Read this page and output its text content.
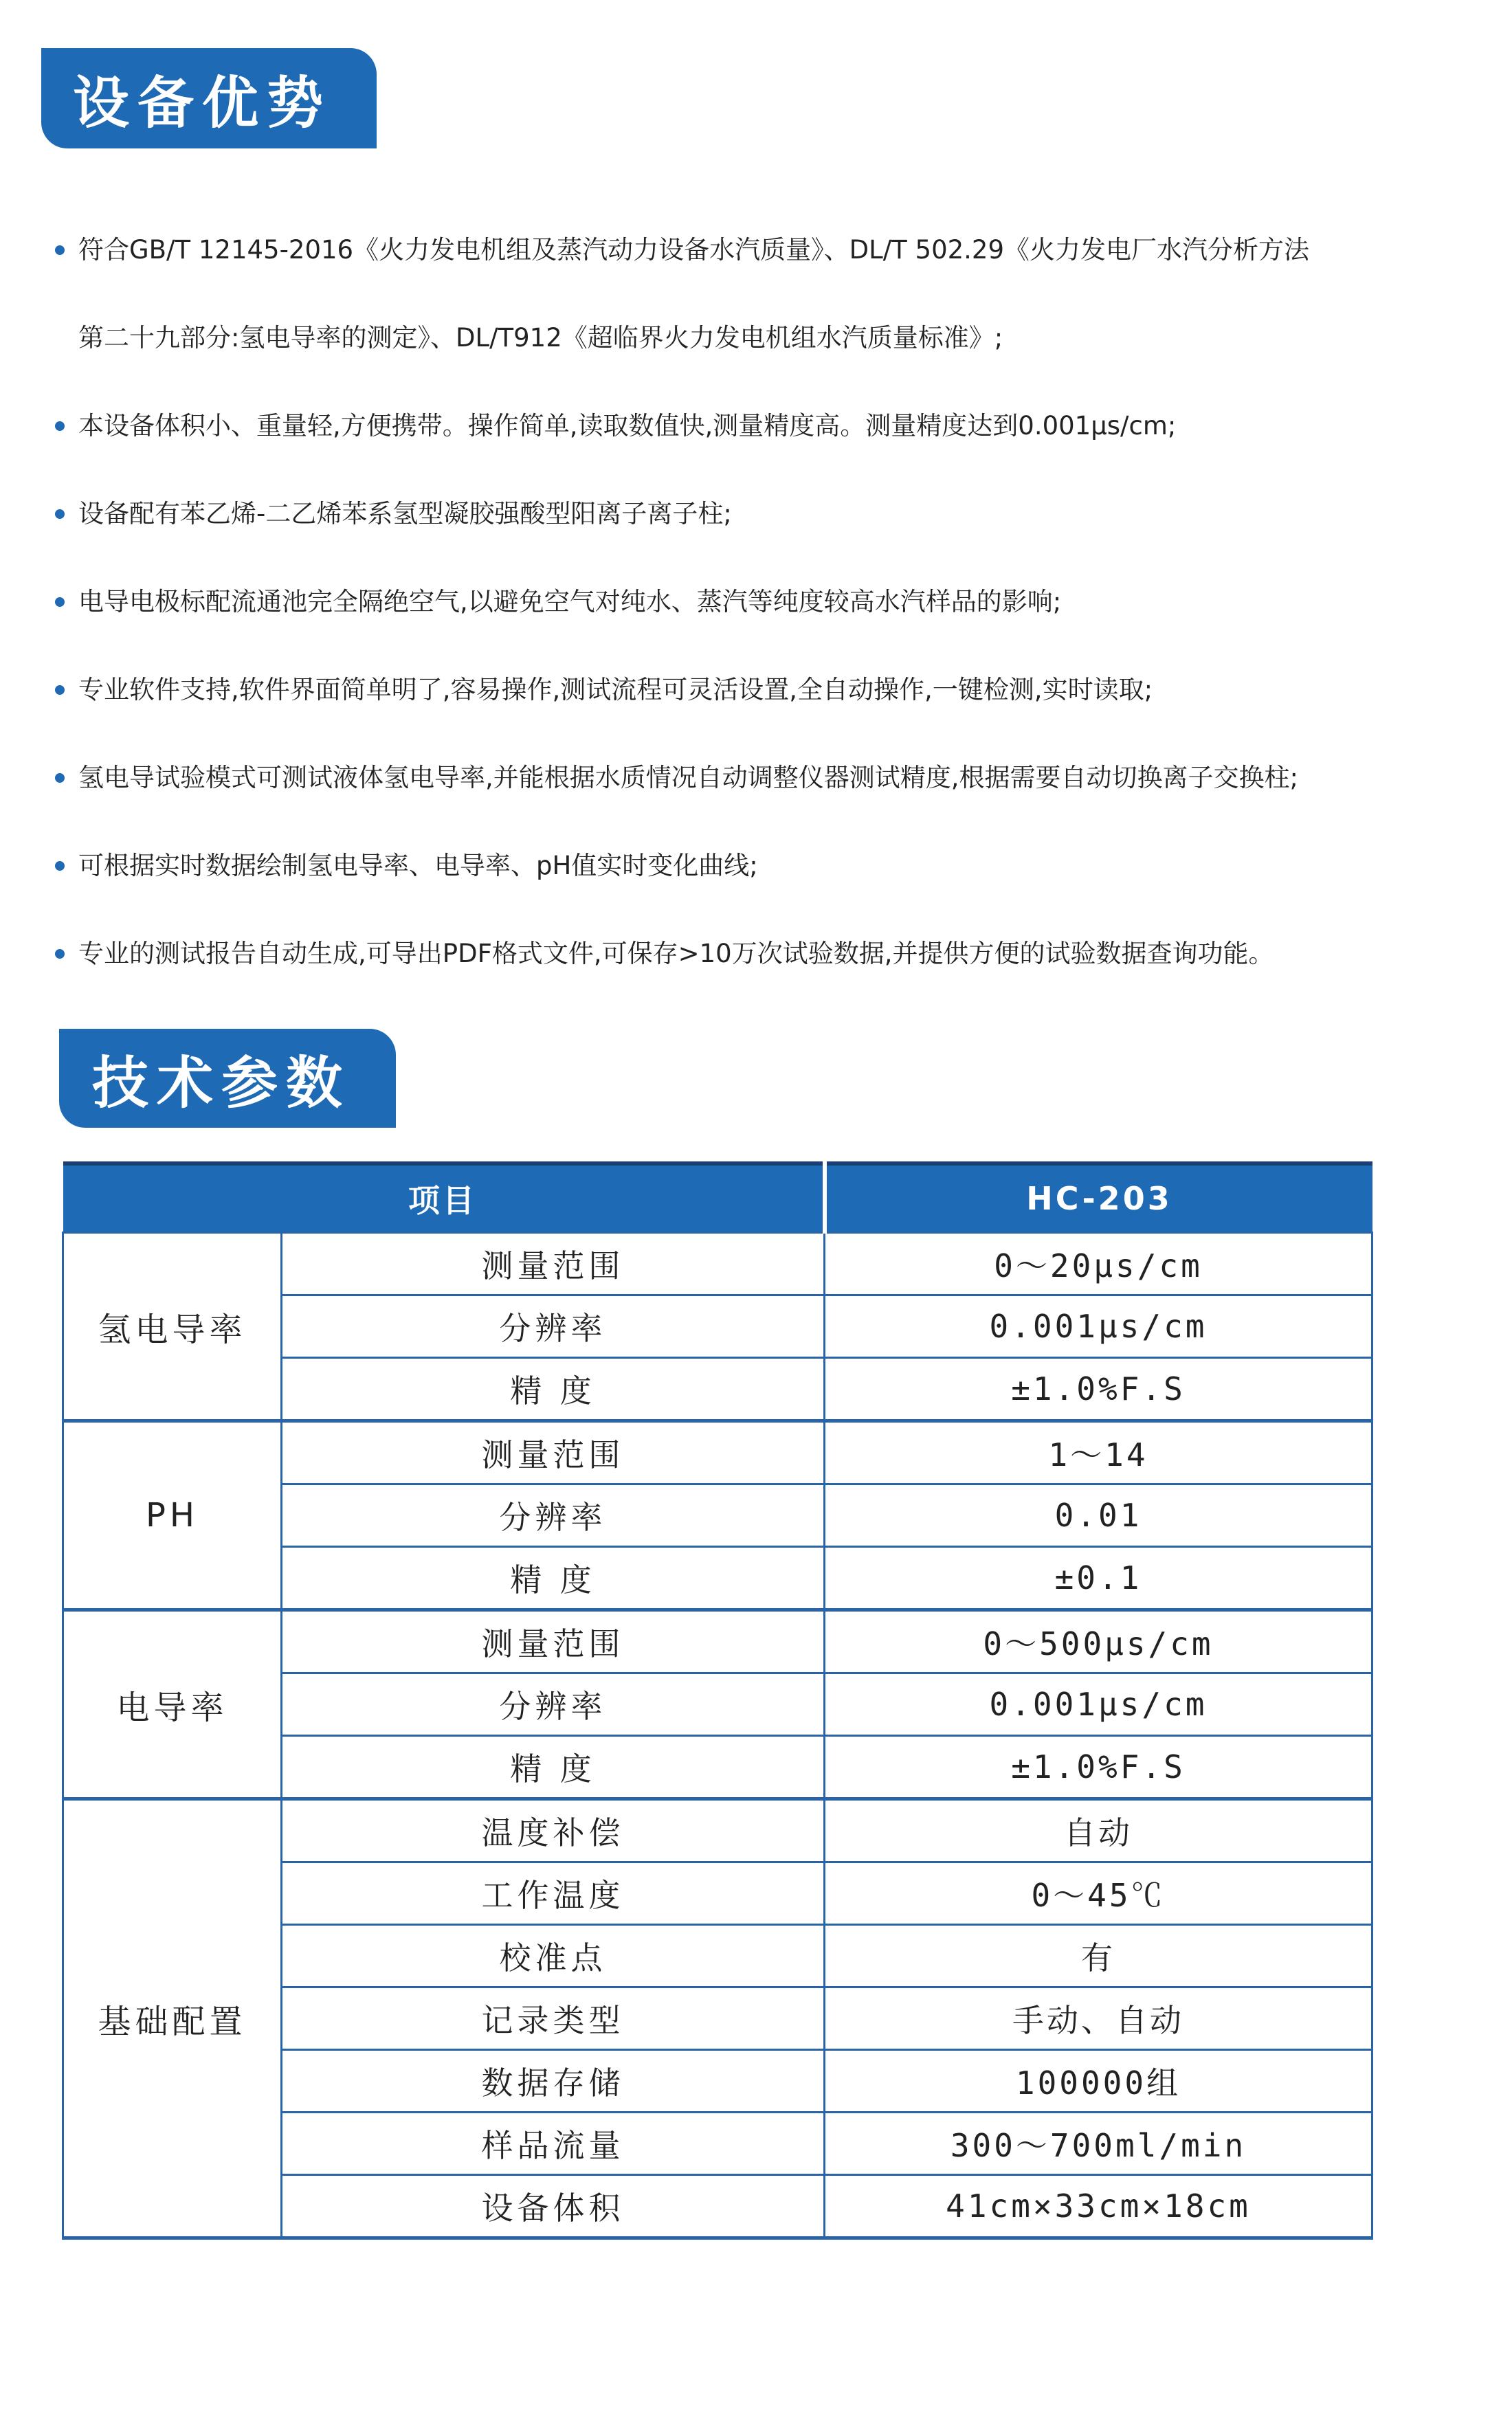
设备优势
符合GB/T 12145-2016《火力发电机组及蒸汽动力设备水汽质量》、DL/T 502.29《火力发电厂水汽分析方法
第二十九部分:氢电导率的测定》、DL/T912《超临界火力发电机组水汽质量标准》;
本设备体积小、重量轻,方便携带。操作简单,读取数值快,测量精度高。测量精度达到0.001μs/cm;
设备配有苯乙烯-二乙烯苯系氢型凝胶强酸型阳离子离子柱;
电导电极标配流通池完全隔绝空气,以避免空气对纯水、蒸汽等纯度较高水汽样品的影响;
专业软件支持,软件界面简单明了,容易操作,测试流程可灵活设置,全自动操作,一键检测,实时读取;
氢电导试验模式可测试液体氢电导率,并能根据水质情况自动调整仪器测试精度,根据需要自动切换离子交换柱;
可根据实时数据绘制氢电导率、电导率、pH值实时变化曲线;
专业的测试报告自动生成,可导出PDF格式文件,可保存>10万次试验数据,并提供方便的试验数据查询功能。
技术参数
项目		HC-203
氢电导率	测量范围	0～20μs/cm
	分辨率	0.001μs/cm
	精 度	±1.0%F.S
PH	测量范围	1～14
	分辨率	0.01
	精 度	±0.1
电导率	测量范围	0～500μs/cm
	分辨率	0.001μs/cm
	精 度	±1.0%F.S
基础配置	温度补偿	自动
	工作温度	0～45℃
	校准点	有
	记录类型	手动、自动
	数据存储	100000组
	样品流量	300～700ml/min
	设备体积	41cm×33cm×18cm
